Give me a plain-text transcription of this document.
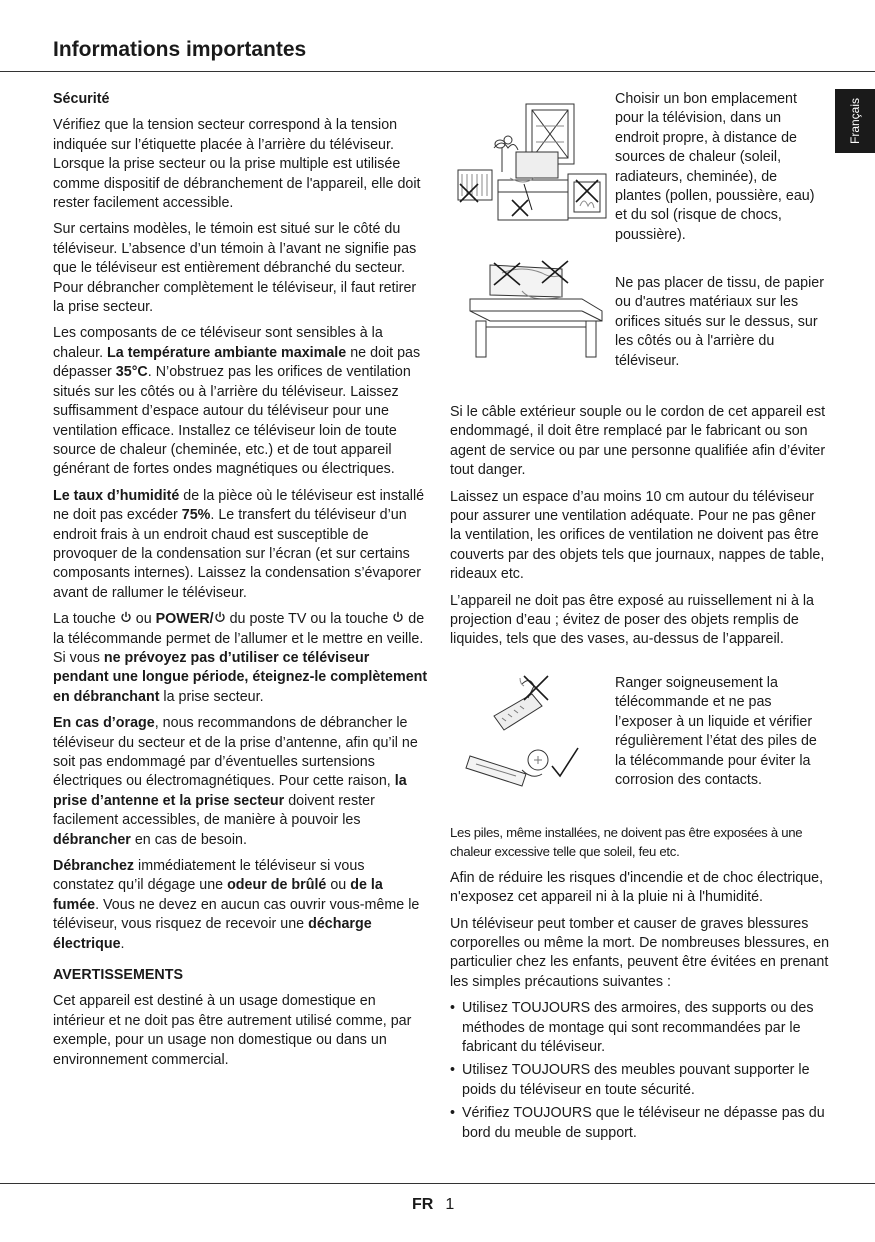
Informations importantes
Français

Sécurité

Vérifiez que la tension secteur correspond à la tension indiquée sur l’étiquette placée à l’arrière du téléviseur. Lorsque la prise secteur ou la prise multiple est utilisée comme dispositif de débranchement de l'appareil, elle doit rester facilement accessible.

Sur certains modèles, le témoin est situé sur le côté du téléviseur. L’absence d’un témoin à l’avant ne signifie pas que le téléviseur est entièrement débranché du secteur. Pour débrancher complètement le téléviseur, il faut retirer la prise secteur.

Les composants de ce téléviseur sont sensibles à la chaleur. La température ambiante maximale ne doit pas dépasser 35°C. N’obstruez pas les orifices de ventilation situés sur les côtés ou à l’arrière du téléviseur. Laissez suffisamment d’espace autour du téléviseur pour une ventilation efficace. Installez ce téléviseur loin de toute source de chaleur (cheminée, etc.) et de tout appareil générant de fortes ondes magnétiques ou électriques.

Le taux d’humidité de la pièce où le téléviseur est installé ne doit pas excéder 75%. Le transfert du téléviseur d’un endroit frais à un endroit chaud est susceptible de provoquer de la condensation sur l’écran (et sur certains composants internes). Laissez la condensation s’évaporer avant de rallumer le téléviseur.

La touche  ou POWER/ du poste TV ou la touche  de la télécommande permet de l’allumer et le mettre en veille. Si vous ne prévoyez pas d’utiliser ce téléviseur pendant une longue période, éteignez-le complètement en débranchant la prise secteur.

En cas d’orage, nous recommandons de débrancher le téléviseur du secteur et de la prise d’antenne, afin qu’il ne soit pas endommagé par d’éventuelles surtensions électriques ou électromagnétiques. Pour cette raison, la prise d’antenne et la prise secteur doivent rester facilement accessibles, de manière à pouvoir les débrancher en cas de besoin.

Débranchez immédiatement le téléviseur si vous constatez qu’il dégage une odeur de brûlé ou de la fumée. Vous ne devez en aucun cas ouvrir vous-même le téléviseur, vous risquez de recevoir une décharge électrique.

AVERTISSEMENTS

Cet appareil est destiné à un usage domestique en intérieur et ne doit pas être autrement utilisé comme, par exemple, pour un usage non domestique ou dans un environnement commercial.

Choisir un bon emplacement pour la télévision, dans un endroit propre, à distance de sources de chaleur (soleil, radiateurs, cheminée), de plantes (pollen, poussière, eau) et du sol (risque de chocs, poussière).
Ne pas placer de tissu, de papier ou d'autres matériaux sur les orifices situés sur le dessus, sur les côtés ou à l'arrière du téléviseur.

Si le câble extérieur souple ou le cordon de cet appareil est endommagé, il doit être remplacé par le fabricant ou son agent de service ou par une personne qualifiée afin d’éviter tout danger.

Laissez un espace d’au moins 10 cm autour du téléviseur pour assurer une ventilation adéquate. Pour ne pas gêner la ventilation, les orifices de ventilation ne doivent pas être couverts par des objets tels que journaux, nappes de table, rideaux etc.

L’appareil ne doit pas être exposé au ruissellement ni à la projection d’eau ; évitez de poser des objets remplis de liquides, tels que des vases, au-dessus de l’appareil.

Ranger soigneusement la télécommande et ne pas l’exposer à un liquide et vérifier régulièrement l’état des piles de la télécommande pour éviter la corrosion des contacts.

Les piles, même installées, ne doivent pas être exposées à une chaleur excessive telle que soleil, feu etc.

Afin de réduire les risques d'incendie et de choc électrique, n'exposez cet appareil ni à la pluie ni à l'humidité.

Un téléviseur peut tomber et causer de graves blessures corporelles ou même la mort. De nombreuses blessures, en particulier chez les enfants, peuvent être évitées en prenant les simples précautions suivantes :

• Utilisez TOUJOURS des armoires, des supports ou des méthodes de montage qui sont recommandées par le fabricant du téléviseur.
• Utilisez TOUJOURS des meubles pouvant supporter le poids du téléviseur en toute sécurité.
• Vérifiez TOUJOURS que le téléviseur ne dépasse pas du bord du meuble de support.
FR 1
